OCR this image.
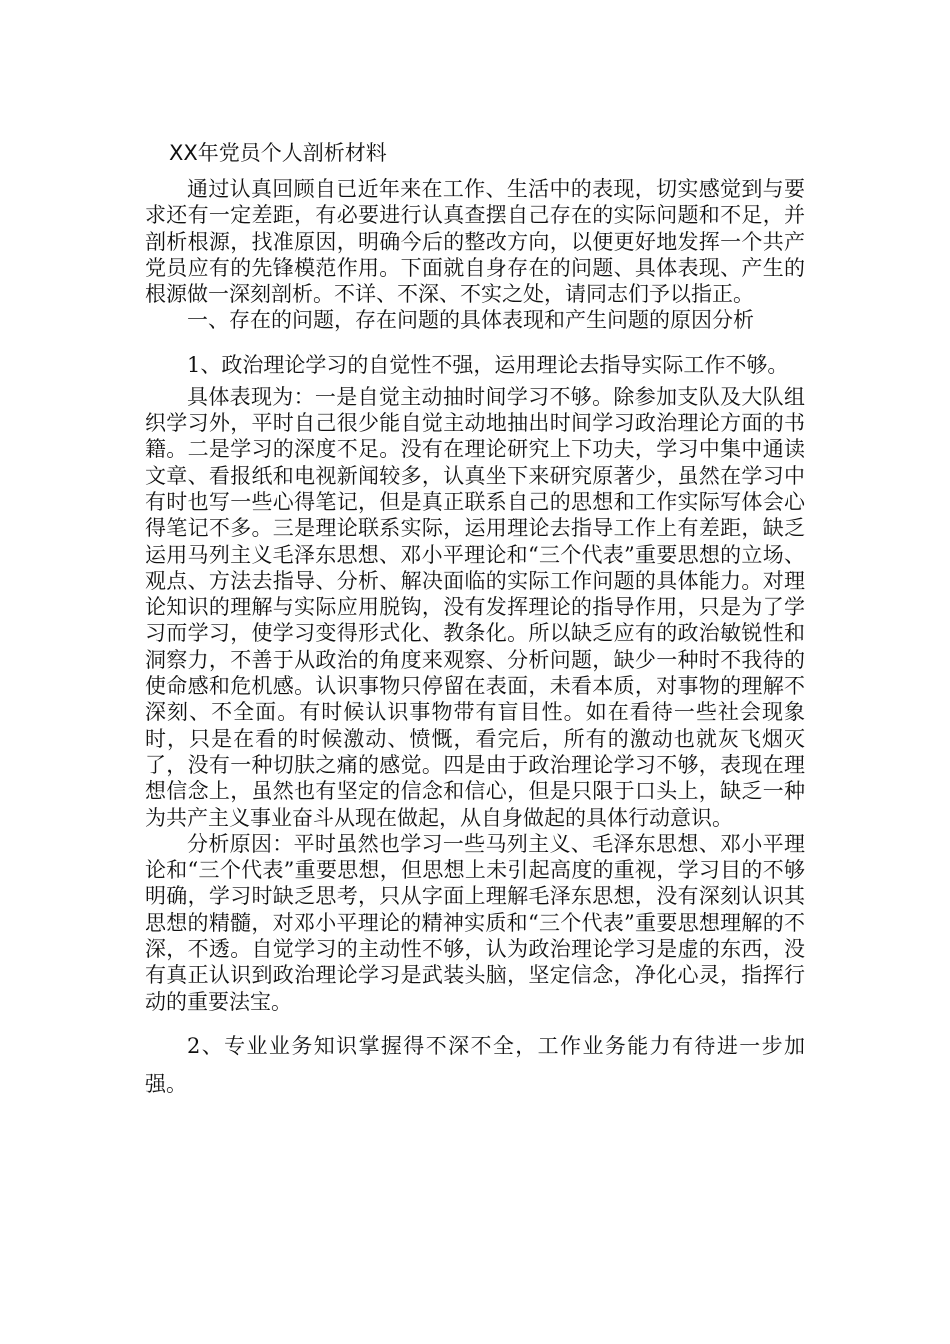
XX年党员个人剖析材料

通过认真回顾自已近年来在工作、生活中的表现，切实感觉到与要求还有一定差距，有必要进行认真查摆自己存在的实际问题和不足，并剖析根源，找准原因，明确今后的整改方向，以便更好地发挥一个共产党员应有的先锋模范作用。下面就自身存在的问题、具体表现、产生的根源做一深刻剖析。不详、不深、不实之处，请同志们予以指正。

一、存在的问题，存在问题的具体表现和产生问题的原因分析

1、政治理论学习的自觉性不强，运用理论去指导实际工作不够。

具体表现为：一是自觉主动抽时间学习不够。除参加支队及大队组织学习外，平时自己很少能自觉主动地抽出时间学习政治理论方面的书籍。二是学习的深度不足。没有在理论研究上下功夫，学习中集中通读文章、看报纸和电视新闻较多，认真坐下来研究原著少，虽然在学习中有时也写一些心得笔记，但是真正联系自己的思想和工作实际写体会心得笔记不多。三是理论联系实际，运用理论去指导工作上有差距，缺乏运用马列主义毛泽东思想、邓小平理论和“三个代表”重要思想的立场、观点、方法去指导、分析、解决面临的实际工作问题的具体能力。对理论知识的理解与实际应用脱钩，没有发挥理论的指导作用，只是为了学习而学习，使学习变得形式化、教条化。所以缺乏应有的政治敏锐性和洞察力，不善于从政治的角度来观察、分析问题，缺少一种时不我待的使命感和危机感。认识事物只停留在表面，未看本质，对事物的理解不深刻、不全面。有时候认识事物带有盲目性。如在看待一些社会现象时，只是在看的时候激动、愤慨，看完后，所有的激动也就灰飞烟灭了，没有一种切肤之痛的感觉。四是由于政治理论学习不够，表现在理想信念上，虽然也有坚定的信念和信心，但是只限于口头上，缺乏一种为共产主义事业奋斗从现在做起，从自身做起的具体行动意识。

分析原因：平时虽然也学习一些马列主义、毛泽东思想、邓小平理论和“三个代表”重要思想，但思想上未引起高度的重视，学习目的不够明确，学习时缺乏思考，只从字面上理解毛泽东思想，没有深刻认识其思想的精髓，对邓小平理论的精神实质和“三个代表”重要思想理解的不深，不透。自觉学习的主动性不够，认为政治理论学习是虚的东西，没有真正认识到政治理论学习是武装头脑，坚定信念，净化心灵，指挥行动的重要法宝。

2、专业业务知识掌握得不深不全，工作业务能力有待进一步加强。
